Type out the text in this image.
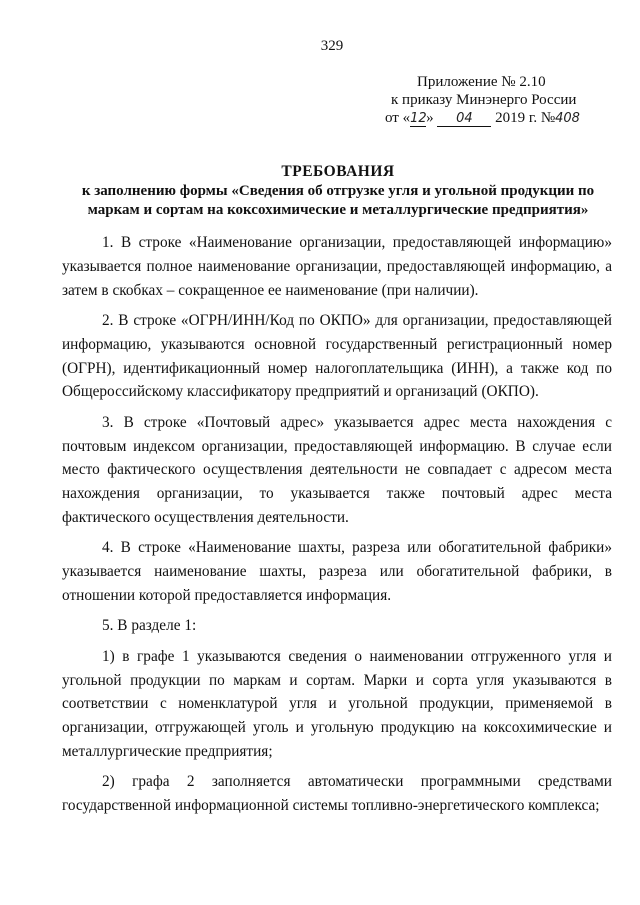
329
Приложение № 2.10
к приказу Минэнерго России
от «12» 04 2019 г. №408
ТРЕБОВАНИЯ
к заполнению формы «Сведения об отгрузке угля и угольной продукции по
маркам и сортам на коксохимические и металлургические предприятия»

1. В строке «Наименование организации, предоставляющей информацию» указывается полное наименование организации, предоставляющей информацию, а затем в скобках – сокращенное ее наименование (при наличии).

2. В строке «ОГРН/ИНН/Код по ОКПО» для организации, предоставляющей информацию, указываются основной государственный регистрационный номер (ОГРН), идентификационный номер налогоплательщика (ИНН), а также код по Общероссийскому классификатору предприятий и организаций (ОКПО).

3. В строке «Почтовый адрес» указывается адрес места нахождения с почтовым индексом организации, предоставляющей информацию. В случае если место фактического осуществления деятельности не совпадает с адресом места нахождения организации, то указывается также почтовый адрес места фактического осуществления деятельности.

4. В строке «Наименование шахты, разреза или обогатительной фабрики» указывается наименование шахты, разреза или обогатительной фабрики, в отношении которой предоставляется информация.

5. В разделе 1:

1) в графе 1 указываются сведения о наименовании отгруженного угля и угольной продукции по маркам и сортам. Марки и сорта угля указываются в соответствии с номенклатурой угля и угольной продукции, применяемой в организации, отгружающей уголь и угольную продукцию на коксохимические и металлургические предприятия;

2) графа 2 заполняется автоматически программными средствами государственной информационной системы топливно-энергетического комплекса;
